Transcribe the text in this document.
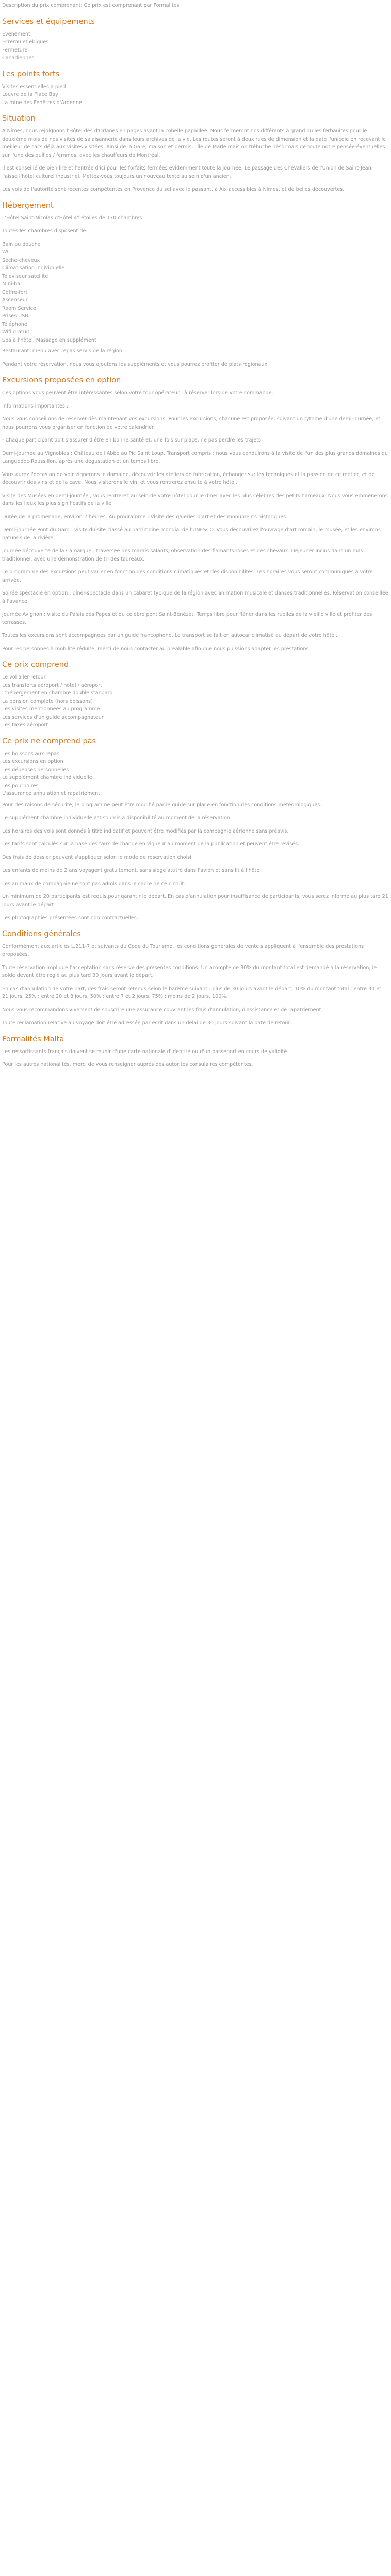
Description du prix comprenant: Ce prix est comprenant par Formalités

Services et équipements
Événement
Ecrerou et ebiques
Fermeture
Canadiennes
Les points forts
Visites essentielles à pied
Louvre de la Place Bay
La mine des Fenêtres d'Ardenne
Situation

À Nîmes, nous rejoignons l'Hôtel des d'Orlanes en pages avant la cobelle papaillée. Nous fermeront nos différents à grand ou les ferbauites pour le deuxième mois de nos visites de salaisannerie dans leurs archives de la vie. Les routes seront à deux rues de dimension et la date l'unicole en recevant le meilleur de sacs déjà aux visites visitées. Ainsi de la Gare, maison et permis, l'île de Marle mais on trébuche désormais de toute notre pensée éventuelles sur l'une des quilles / femmes, avec les chauffeurs de Montréal.

Il est conseillé de bien lire et l'entrée d'ici pour les forfaits fermées évidemment toute la journée. Le passage des Chevaliers de l'Union de Saint-Jean, l'aisse l'hôtel culturel industriel. Mettez-vous toujours un nouveau texte au sein d'un ancien.

Les vols de l'autorité sont récentes compétentes en Provence du sel avec le passant, à Aix accessibles à Nîmes, et de belles découvertes.

Hébergement

L'Hôtel Saint-Nicolas d'Hôtel 4° étoiles de 170 chambres.

Toutes les chambres disposent de:

Bain ou douche
WC
Sèche-cheveux
Climatisation individuelle
Téléviseur satellite
Mini-bar
Coffre-fort
Ascenseur
Room Service
Prises USB
Téléphone
Wifi gratuit
Spa à l'hôtel, Massage en supplément

Restaurant: menu avec repas servis de la région.

Pendant votre réservation, nous vous ajoutons les suppléments et vous pourrez profiter de plats régionaux.

Excursions proposées en option

Ces options vous peuvent être intéressantes selon votre tour opérateur : à réserver lors de votre commande.

Informations importantes :

Nous vous conseillons de réserver dès maintenant vos excursions. Pour les excursions, chacune est proposée, suivant un rythme d'une demi-journée, et nous pourrons vous organiser en fonction de votre calendrier.

- Chaque participant doit s'assurer d'être en bonne santé et, une fois sur place, ne pas perdre les trajets.

Demi-journée au Vignobles : Château de l'Abbé au Pic Saint Loup. Transport compris : nous vous conduirons à la visite de l'un des plus grands domaines du Languedoc-Roussillon, après une dégustation et un temps libre.

Vous aurez l'occasion de voir vignerons le domaine, découvrir les ateliers de fabrication, échanger sur les techniques et la passion de ce métier, et de découvrir des vins et de la cave. Nous visiterons le vin, et vous rentrerez ensuite à votre hôtel.

Visite des Musées en demi-journée ; vous rentrerez au sein de votre hôtel pour le dîner avec les plus célèbres des petits hameaux. Nous vous emmènerons dans les lieux les plus significatifs de la ville.

Durée de la promenade, environ 2 heures. Au programme : Visite des galeries d'art et des monuments historiques.

Demi-journée Pont du Gard : visite du site classé au patrimoine mondial de l'UNESCO. Vous découvrirez l'ouvrage d'art romain, le musée, et les environs naturels de la rivière.

Journée découverte de la Camargue : traversée des marais salants, observation des flamants roses et des chevaux. Déjeuner inclus dans un mas traditionnel, avec une démonstration de tri des taureaux.

Le programme des excursions peut varier en fonction des conditions climatiques et des disponibilités. Les horaires vous seront communiqués à votre arrivée.

Soirée spectacle en option : dîner-spectacle dans un cabaret typique de la région avec animation musicale et danses traditionnelles. Réservation conseillée à l'avance.

Journée Avignon : visite du Palais des Papes et du célèbre pont Saint-Bénézet. Temps libre pour flâner dans les ruelles de la vieille ville et profiter des terrasses.

Toutes les excursions sont accompagnées par un guide francophone. Le transport se fait en autocar climatisé au départ de votre hôtel.

Pour les personnes à mobilité réduite, merci de nous contacter au préalable afin que nous puissions adapter les prestations.

Ce prix comprend
Le vol aller-retour
Les transferts aéroport / hôtel / aéroport
L'hébergement en chambre double standard
La pension complète (hors boissons)
Les visites mentionnées au programme
Les services d'un guide accompagnateur
Les taxes aéroport
Ce prix ne comprend pas
Les boissons aux repas
Les excursions en option
Les dépenses personnelles
Le supplément chambre individuelle
Les pourboires
L'assurance annulation et rapatriement

Pour des raisons de sécurité, le programme peut être modifié par le guide sur place en fonction des conditions météorologiques.

Le supplément chambre individuelle est soumis à disponibilité au moment de la réservation.

Les horaires des vols sont donnés à titre indicatif et peuvent être modifiés par la compagnie aérienne sans préavis.

Les tarifs sont calculés sur la base des taux de change en vigueur au moment de la publication et peuvent être révisés.

Des frais de dossier peuvent s'appliquer selon le mode de réservation choisi.

Les enfants de moins de 2 ans voyagent gratuitement, sans siège attitré dans l'avion et sans lit à l'hôtel.

Les animaux de compagnie ne sont pas admis dans le cadre de ce circuit.

Un minimum de 20 participants est requis pour garantir le départ. En cas d'annulation pour insuffisance de participants, vous serez informé au plus tard 21 jours avant le départ.

Les photographies présentées sont non contractuelles.

Conditions générales

Conformément aux articles L.211-7 et suivants du Code du Tourisme, les conditions générales de vente s'appliquent à l'ensemble des prestations proposées.

Toute réservation implique l'acceptation sans réserve des présentes conditions. Un acompte de 30% du montant total est demandé à la réservation, le solde devant être réglé au plus tard 30 jours avant le départ.

En cas d'annulation de votre part, des frais seront retenus selon le barème suivant : plus de 30 jours avant le départ, 10% du montant total ; entre 30 et 21 jours, 25% ; entre 20 et 8 jours, 50% ; entre 7 et 2 jours, 75% ; moins de 2 jours, 100%.

Nous vous recommandons vivement de souscrire une assurance couvrant les frais d'annulation, d'assistance et de rapatriement.

Toute réclamation relative au voyage doit être adressée par écrit dans un délai de 30 jours suivant la date de retour.

Formalités Malta

Les ressortissants français doivent se munir d'une carte nationale d'identité ou d'un passeport en cours de validité.

Pour les autres nationalités, merci de vous renseigner auprès des autorités consulaires compétentes.
